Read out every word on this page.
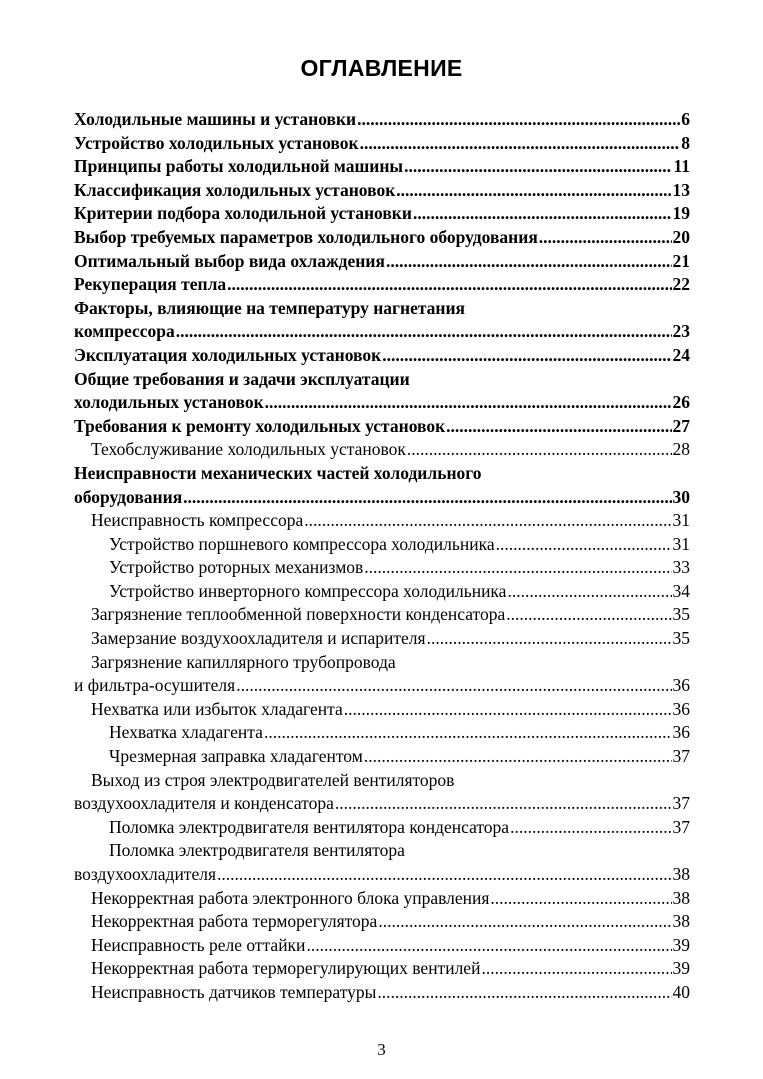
ОГЛАВЛЕНИЕ
Холодильные машины и установки .....	6
Устройство холодильных установок .....	8
Принципы работы холодильной машины .....	11
Классификация холодильных установок .....	13
Критерии подбора холодильной установки .....	19
Выбор требуемых параметров холодильного оборудования .....	20
Оптимальный выбор вида охлаждения .....	21
Рекуперация тепла .....	22
Факторы, влияющие на температуру нагнетания
компрессора .....	23
Эксплуатация холодильных установок .....	24
Общие требования и задачи эксплуатации
холодильных установок .....	26
Требования к ремонту холодильных установок .....	27
Техобслуживание холодильных установок .....	28
Неисправности механических частей холодильного
оборудования .....	30
Неисправность компрессора .....	31
Устройство поршневого компрессора холодильника .....	31
Устройство роторных механизмов .....	33
Устройство инверторного компрессора холодильника .....	34
Загрязнение теплообменной поверхности конденсатора .....	35
Замерзание воздухоохладителя и испарителя .....	35
Загрязнение капиллярного трубопровода
и фильтра-осушителя .....	36
Нехватка или избыток хладагента .....	36
Нехватка хладагента .....	36
Чрезмерная заправка хладагентом .....	37
Выход из строя электродвигателей вентиляторов
воздухоохладителя и конденсатора .....	37
Поломка электродвигателя вентилятора конденсатора .....	37
Поломка электродвигателя вентилятора
воздухоохладителя .....	38
Некорректная работа электронного блока управления .....	38
Некорректная работа терморегулятора .....	38
Неисправность реле оттайки .....	39
Некорректная работа терморегулирующих вентилей .....	39
Неисправность датчиков температуры .....	40
3
